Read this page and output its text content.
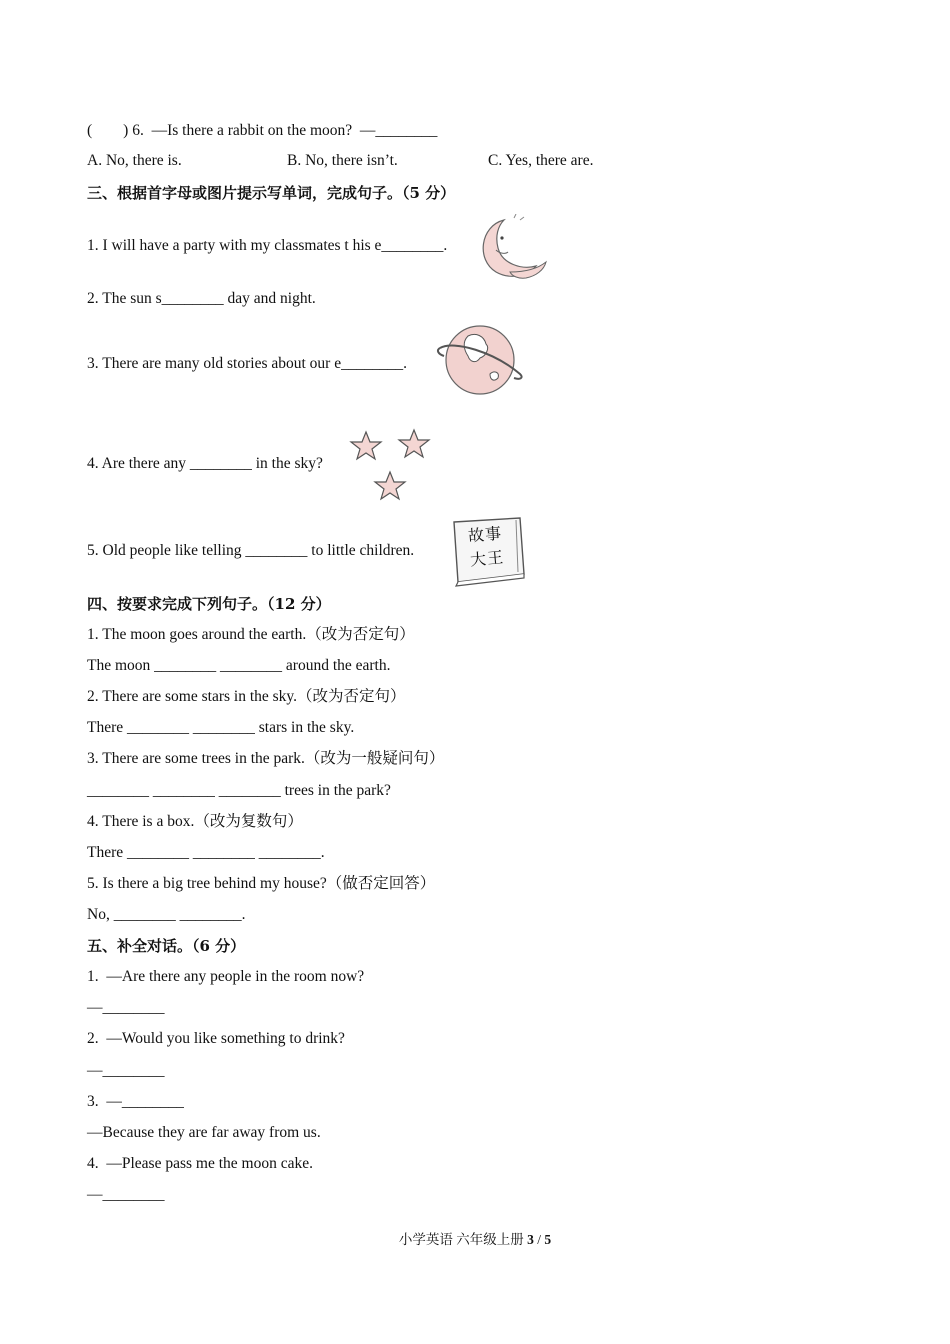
(        ) 6.  —Is there a rabbit on the moon?  —________
A. No, there is.	B. No, there isn’t.	C. Yes, there are.
三、根据首字母或图片提示写单词，完成句子。（5 分）
1. I will have a party with my classmates t his e________.
2. The sun s________ day and night.
3. There are many old stories about our e________.
4. Are there any ________ in the sky?
5. Old people like telling ________ to little children.
故事
大王
四、按要求完成下列句子。（12 分）
1. The moon goes around the earth.（改为否定句）
The moon ________ ________ around the earth.
2. There are some stars in the sky.（改为否定句）
There ________ ________ stars in the sky.
3. There are some trees in the park.（改为一般疑问句）
________ ________ ________ trees in the park?
4. There is a box.（改为复数句）
There ________ ________ ________.
5. Is there a big tree behind my house?（做否定回答）
No, ________ ________.
五、补全对话。（6 分）
1.  —Are there any people in the room now?
—________
2.  —Would you like something to drink?
—________
3.  —________
—Because they are far away from us.
4.  —Please pass me the moon cake.
—________
小学英语 六年级上册 3 / 5
